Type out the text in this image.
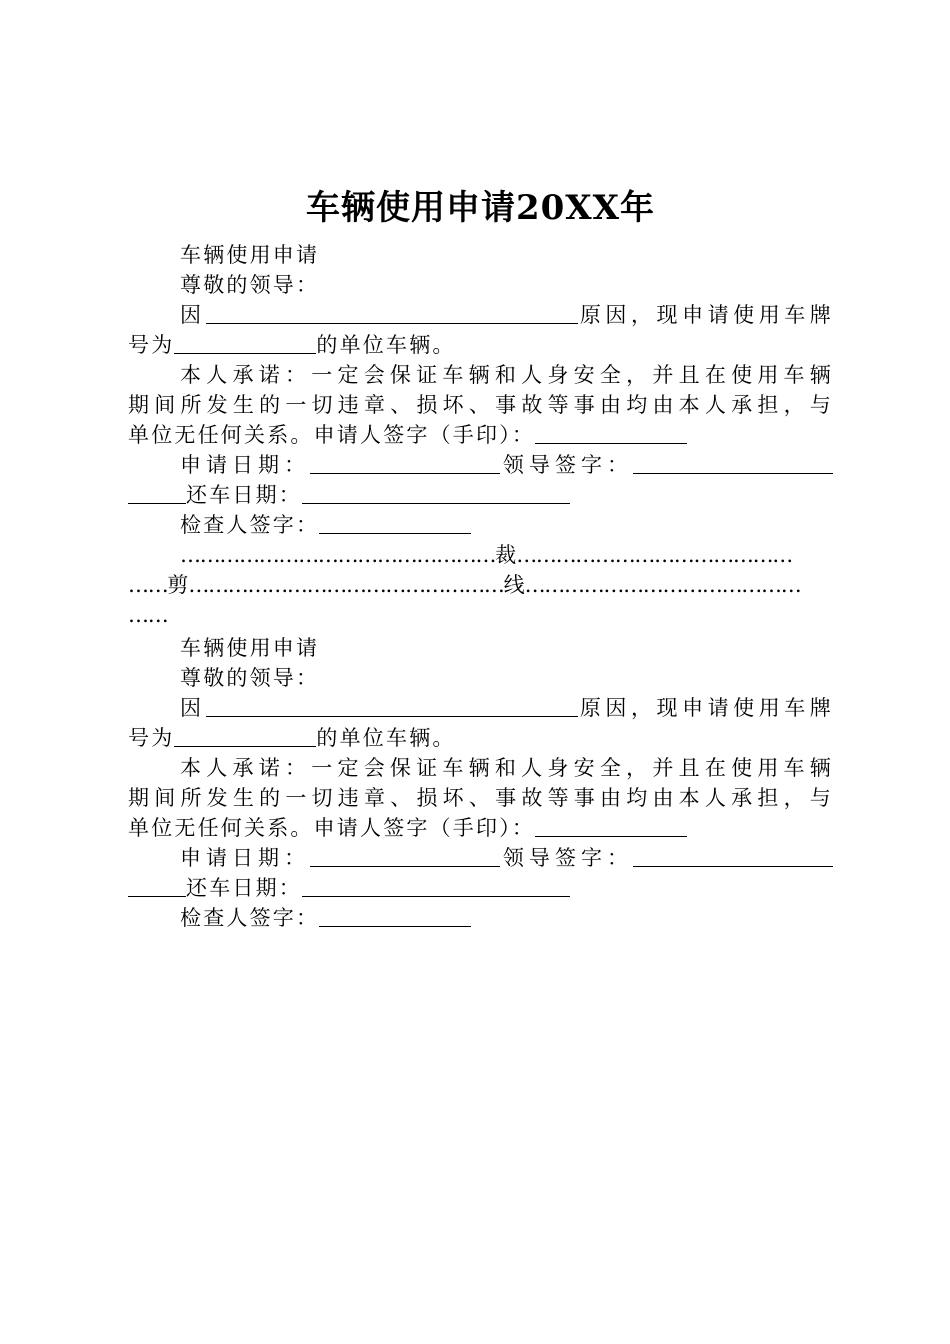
车辆使用申请20XX年
车辆使用申请
尊敬的领导：
因	原因，现申请使用车牌
号为	的单位车辆。
本人承诺：一定会保证车辆和人身安全，并且在使用车辆
期间所发生的一切违章、损坏、事故等事由均由本人承担，与
单位无任何关系。申请人签字（手印）：
申请日期：	领导签字：
还车日期：
检查人签字：
…………………………………………裁……………………………………
……剪…………………………………………线……………………………………
……
车辆使用申请
尊敬的领导：
因	原因，现申请使用车牌
号为	的单位车辆。
本人承诺：一定会保证车辆和人身安全，并且在使用车辆
期间所发生的一切违章、损坏、事故等事由均由本人承担，与
单位无任何关系。申请人签字（手印）：
申请日期：	领导签字：
还车日期：
检查人签字：
